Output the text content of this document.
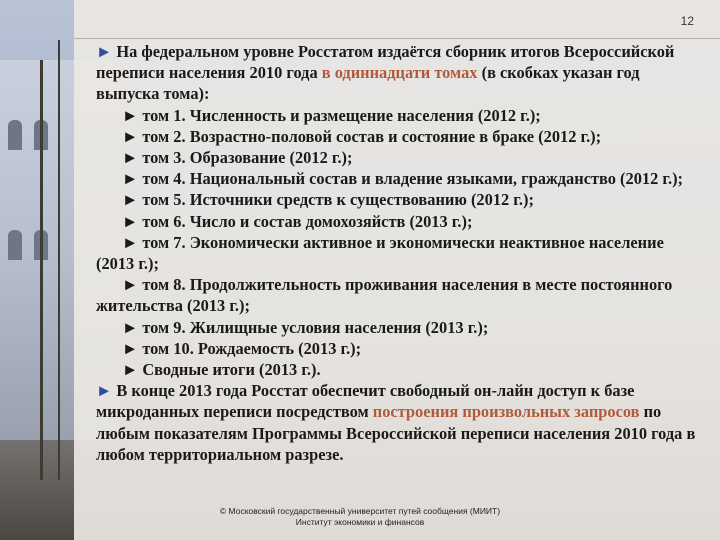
12

► На федеральном уровне Росстатом издаётся сборник итогов Всероссийской переписи населения 2010 года в одиннадцати томах (в скобках указан год выпуска тома):

► том 1. Численность и размещение населения (2012 г.);

► том 2. Возрастно-половой состав и состояние в браке (2012 г.);

► том 3. Образование (2012 г.);

► том 4. Национальный состав и владение языками, гражданство (2012 г.);

► том 5. Источники средств к существованию (2012 г.);

► том 6. Число и состав домохозяйств (2013 г.);

► том 7. Экономически активное и экономически неактивное население (2013 г.);

► том 8. Продолжительность проживания населения в месте постоянного жительства (2013 г.);

► том 9. Жилищные условия населения (2013 г.);

► том 10. Рождаемость (2013 г.);

► Сводные итоги (2013 г.).

► В конце 2013 года Росстат обеспечит свободный он-лайн доступ к базе микроданных переписи посредством построения произвольных запросов по любым показателям Программы Всероссийской переписи населения 2010 года в любом территориальном разрезе.

© Московский государственный университет путей сообщения (МИИТ)
Институт экономики и финансов
